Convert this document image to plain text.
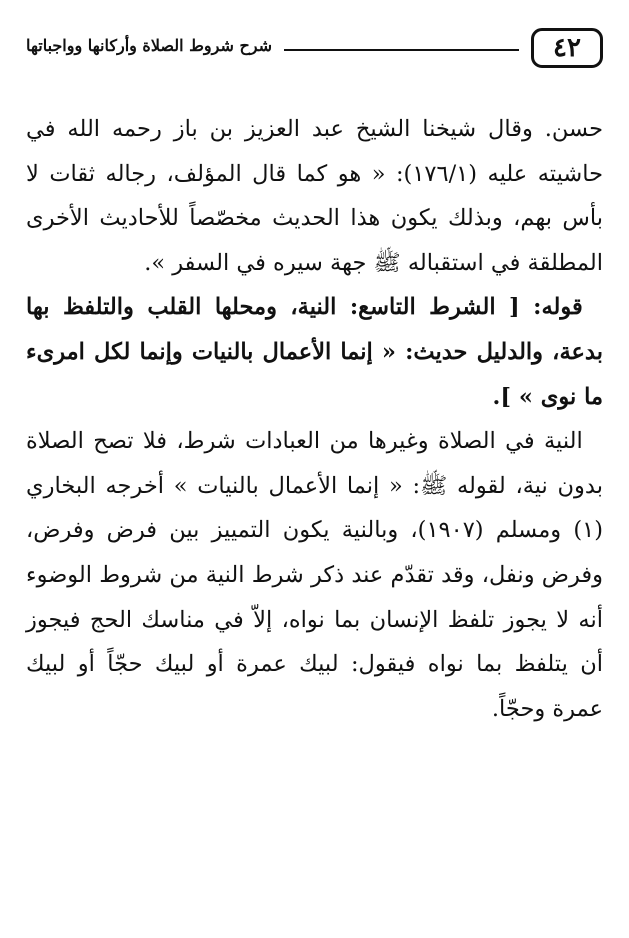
شرح شروط الصلاة وأركانها وواجباتها	٤٢

حسن. وقال شيخنا الشيخ عبد العزيز بن باز رحمه الله في حاشيته عليه (١٧٦/١): « هو كما قال المؤلف، رجاله ثقات لا بأس بهم، وبذلك يكون هذا الحديث مخصّصاً للأحاديث الأخرى المطلقة في استقباله ﷺ جهة سيره في السفر ».

قوله: [ الشرط التاسع: النية، ومحلها القلب والتلفظ بها بدعة، والدليل حديث: « إنما الأعمال بالنيات وإنما لكل امرىء ما نوى » ].

النية في الصلاة وغيرها من العبادات شرط، فلا تصح الصلاة بدون نية، لقوله ﷺ: « إنما الأعمال بالنيات » أخرجه البخاري (١) ومسلم (١٩٠٧)، وبالنية يكون التمييز بين فرض وفرض، وفرض ونفل، وقد تقدّم عند ذكر شرط النية من شروط الوضوء أنه لا يجوز تلفظ الإنسان بما نواه، إلاّ في مناسك الحج فيجوز أن يتلفظ بما نواه فيقول: لبيك عمرة أو لبيك حجّاً أو لبيك عمرة وحجّاً.
